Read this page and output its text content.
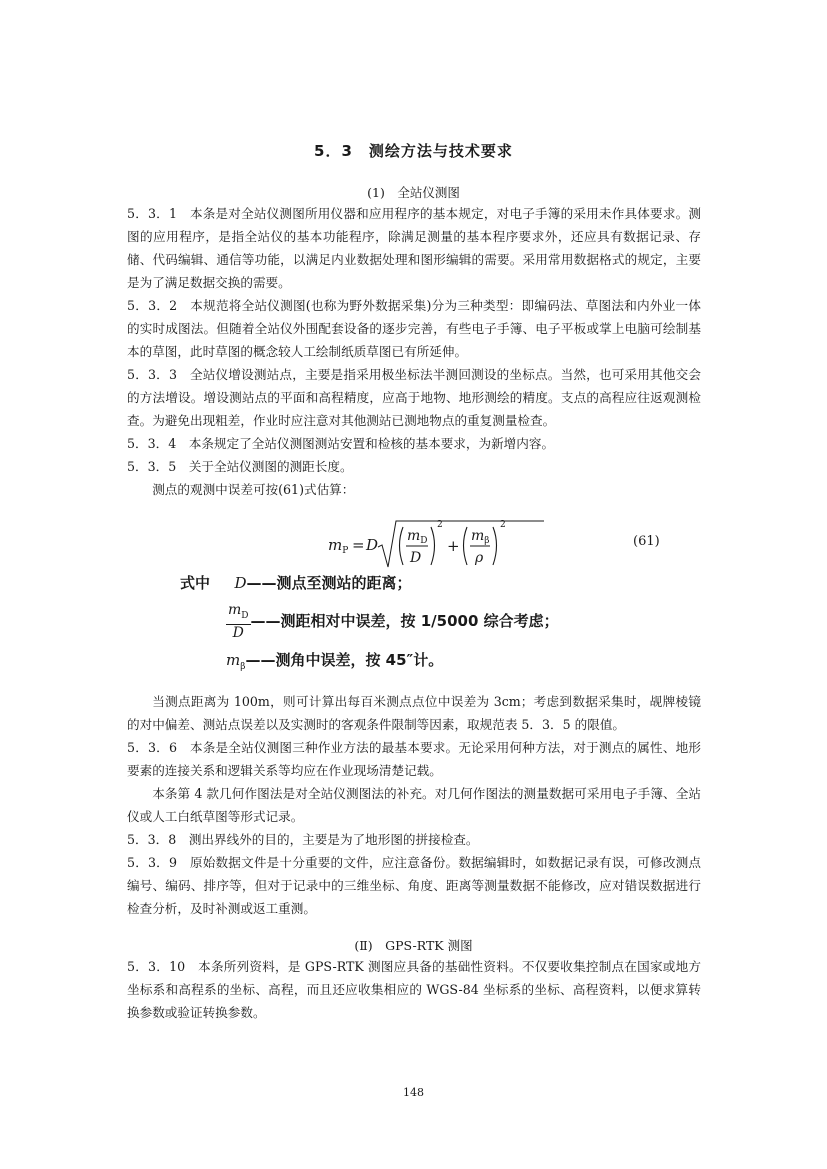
5．3　测绘方法与技术要求
(1)　全站仪测图

5．3．1　本条是对全站仪测图所用仪器和应用程序的基本规定，对电子手簿的采用未作具体要求。测图的应用程序，是指全站仪的基本功能程序，除满足测量的基本程序要求外，还应具有数据记录、存储、代码编辑、通信等功能，以满足内业数据处理和图形编辑的需要。采用常用数据格式的规定，主要是为了满足数据交换的需要。

5．3．2　本规范将全站仪测图(也称为野外数据采集)分为三种类型：即编码法、草图法和内外业一体的实时成图法。但随着全站仪外围配套设备的逐步完善，有些电子手簿、电子平板或掌上电脑可绘制基本的草图，此时草图的概念较人工绘制纸质草图已有所延伸。

5．3．3　全站仪增设测站点，主要是指采用极坐标法半测回测设的坐标点。当然，也可采用其他交会的方法增设。增设测站点的平面和高程精度，应高于地物、地形测绘的精度。支点的高程应往返观测检查。为避免出现粗差，作业时应注意对其他测站已测地物点的重复测量检查。

5．3．4　本条规定了全站仪测图测站安置和检核的基本要求，为新增内容。

5．3．5　关于全站仪测图的测距长度。

测点的观测中误差可按(61)式估算：

$m_P = D$ $m_D$
D
2
+
$m_\beta$
ρ
2
(61)
式中 D——测点至测站的距离；
$\frac{m_D}{D}$ ——测距相对中误差，按 1/5000 综合考虑；
$m_\beta——$测角中误差，按 45″计。

当测点距离为 100m，则可计算出每百米测点点位中误差为 3cm；考虑到数据采集时，觇牌棱镜的对中偏差、测站点误差以及实测时的客观条件限制等因素，取规范表 5．3．5 的限值。

5．3．6　本条是全站仪测图三种作业方法的最基本要求。无论采用何种方法，对于测点的属性、地形要素的连接关系和逻辑关系等均应在作业现场清楚记载。

本条第 4 款几何作图法是对全站仪测图法的补充。对几何作图法的测量数据可采用电子手簿、全站仪或人工白纸草图等形式记录。

5．3．8　测出界线外的目的，主要是为了地形图的拼接检查。

5．3．9　原始数据文件是十分重要的文件，应注意备份。数据编辑时，如数据记录有误，可修改测点编号、编码、排序等，但对于记录中的三维坐标、角度、距离等测量数据不能修改，应对错误数据进行检查分析，及时补测或返工重测。

(Ⅱ)　GPS-RTK 测图

5．3．10　本条所列资料，是 GPS-RTK 测图应具备的基础性资料。不仅要收集控制点在国家或地方坐标系和高程系的坐标、高程，而且还应收集相应的 WGS-84 坐标系的坐标、高程资料，以便求算转换参数或验证转换参数。

148
